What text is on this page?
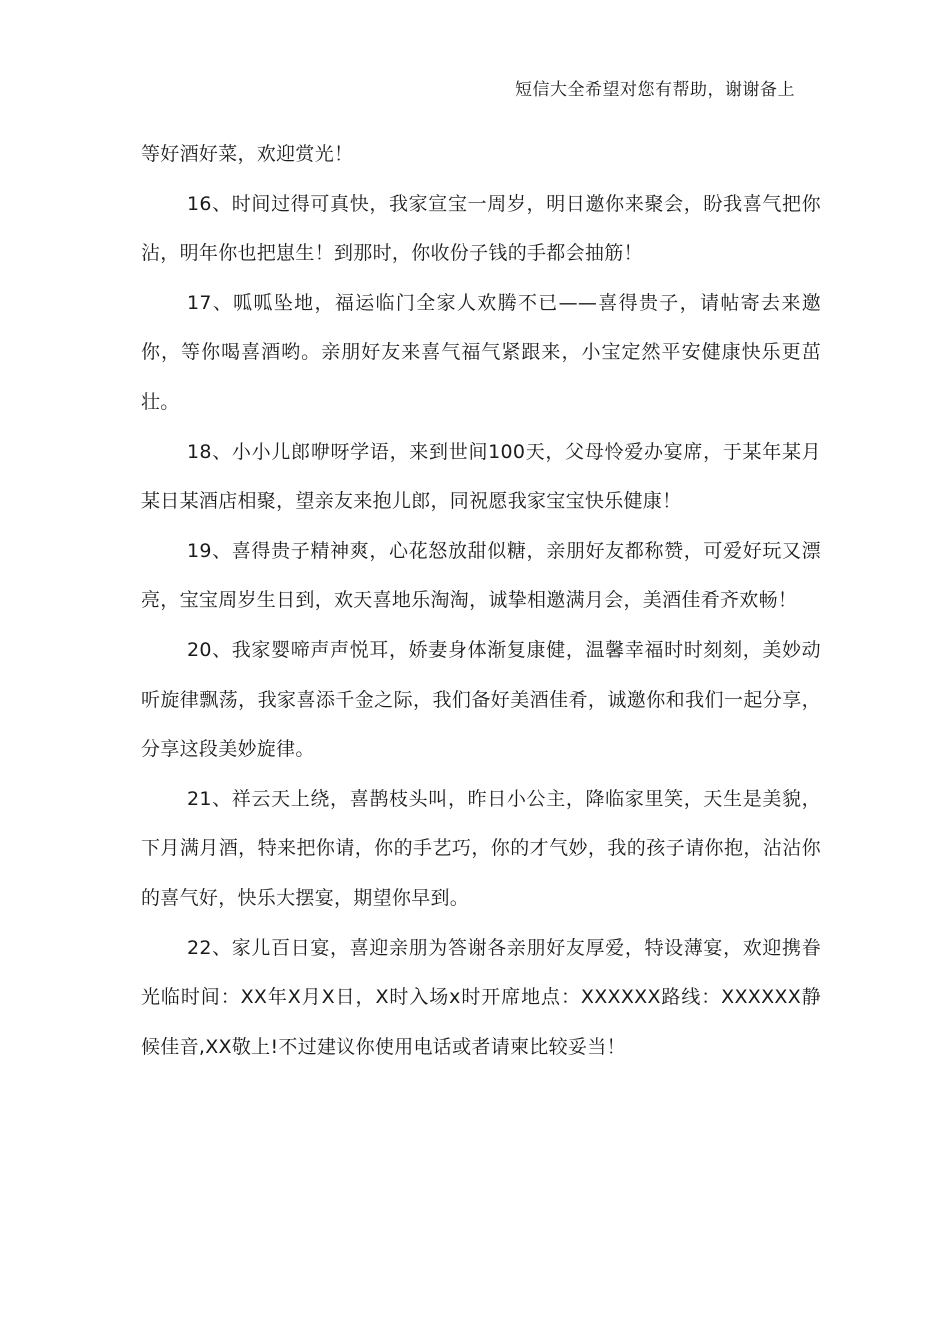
短信大全希望对您有帮助，谢谢备上

等好酒好菜，欢迎赏光！

16、时间过得可真快，我家宣宝一周岁，明日邀你来聚会，盼我喜气把你沾，明年你也把崽生！到那时，你收份子钱的手都会抽筋！

17、呱呱坠地，福运临门全家人欢腾不已——喜得贵子，请帖寄去来邀你，等你喝喜酒哟。亲朋好友来喜气福气紧跟来，小宝定然平安健康快乐更茁壮。

18、小小儿郎咿呀学语，来到世间100天，父母怜爱办宴席，于某年某月某日某酒店相聚，望亲友来抱儿郎，同祝愿我家宝宝快乐健康！

19、喜得贵子精神爽，心花怒放甜似糖，亲朋好友都称赞，可爱好玩又漂亮，宝宝周岁生日到，欢天喜地乐淘淘，诚挚相邀满月会，美酒佳肴齐欢畅！

20、我家婴啼声声悦耳，娇妻身体渐复康健，温馨幸福时时刻刻，美妙动听旋律飘荡，我家喜添千金之际，我们备好美酒佳肴，诚邀你和我们一起分享，分享这段美妙旋律。

21、祥云天上绕，喜鹊枝头叫，昨日小公主，降临家里笑，天生是美貌，下月满月酒，特来把你请，你的手艺巧，你的才气妙，我的孩子请你抱，沾沾你的喜气好，快乐大摆宴，期望你早到。

22、家儿百日宴，喜迎亲朋为答谢各亲朋好友厚爱，特设薄宴，欢迎携眷光临时间：XX年X月X日，X时入场x时开席地点：XXXXXX路线：XXXXXX静候佳音,XX敬上!不过建议你使用电话或者请柬比较妥当！
